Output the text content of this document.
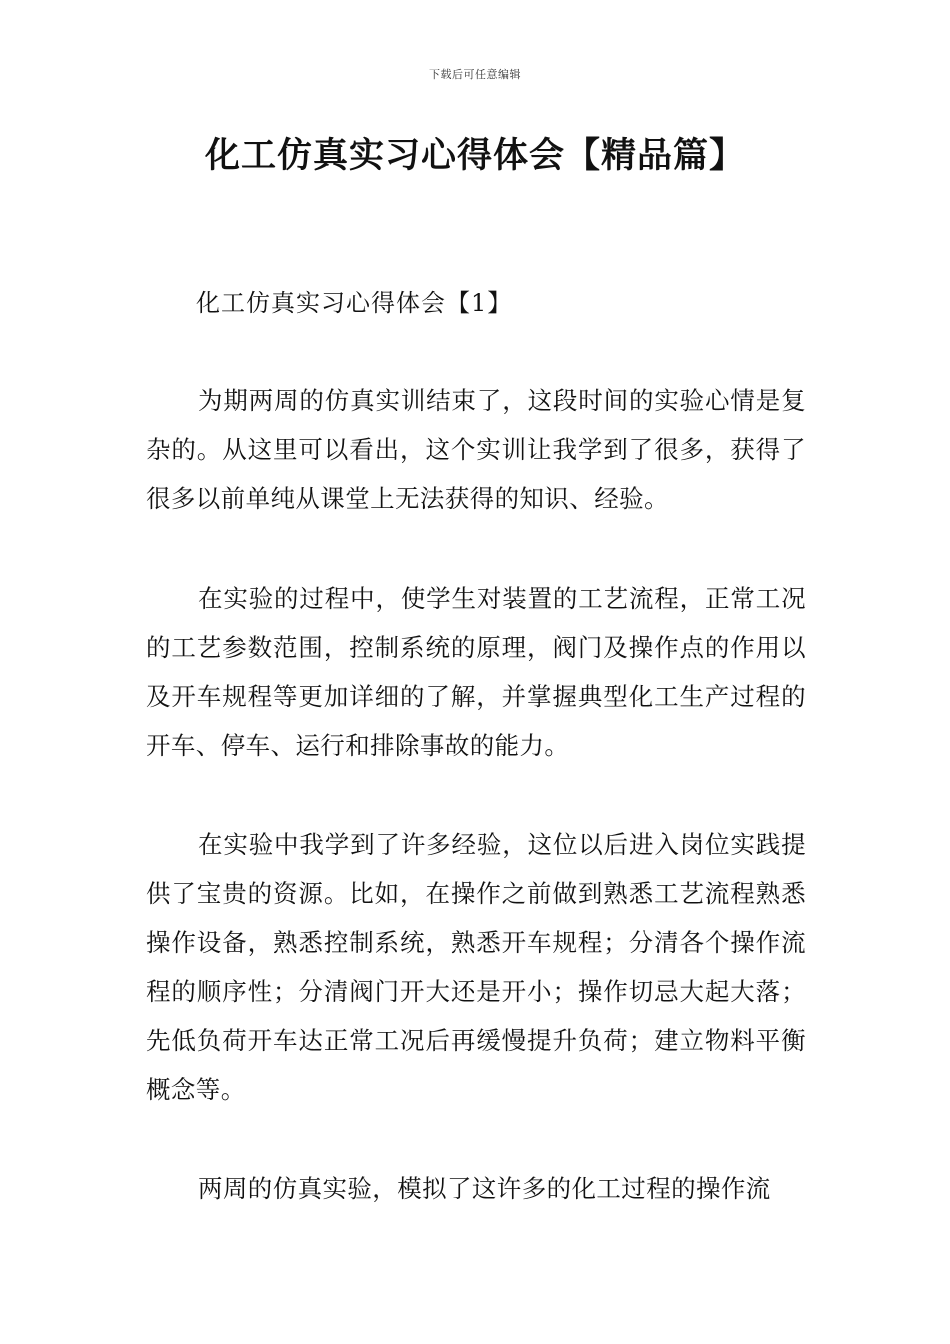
下载后可任意编辑
化工仿真实习心得体会【精品篇】
化工仿真实习心得体会【1】

为期两周的仿真实训结束了，这段时间的实验心情是复杂的。从这里可以看出，这个实训让我学到了很多，获得了很多以前单纯从课堂上无法获得的知识、经验。

在实验的过程中，使学生对装置的工艺流程，正常工况的工艺参数范围，控制系统的原理，阀门及操作点的作用以及开车规程等更加详细的了解，并掌握典型化工生产过程的开车、停车、运行和排除事故的能力。

在实验中我学到了许多经验，这位以后进入岗位实践提供了宝贵的资源。比如，在操作之前做到熟悉工艺流程熟悉操作设备，熟悉控制系统，熟悉开车规程；分清各个操作流程的顺序性；分清阀门开大还是开小；操作切忌大起大落；先低负荷开车达正常工况后再缓慢提升负荷；建立物料平衡概念等。

两周的仿真实验，模拟了这许多的化工过程的操作流
